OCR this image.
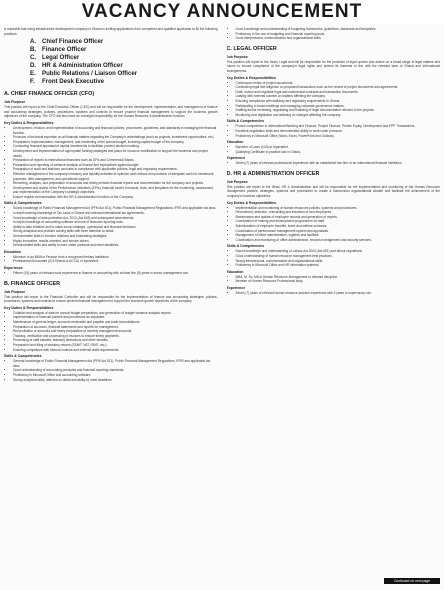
VACANCY ANNOUNCEMENT

A reputable fast rising infrastructure development company in Ghana is inviting applications from competent and qualified applicants to fill the following positions:

A. Chief Finance Officer
B. Finance Officer
C. Legal Officer
D. HR & Administration Officer
E. Public Relations / Liaison Officer
F. Front Desk Executive
A. CHIEF FINANCE OFFICER (CFO)
Job Purpose

This position will report to the Chief Executive Officer (CEO) and will be responsible for the development, implementation, and management of finance and accounting strategies, policies, procedures, systems and controls to ensure prudent financial management to support the business growth objectives of the company. The CFO will also have an oversight responsibility for the Human Resource & Administration function.

Key Duties & Responsibilities
• Development, revision, and implementation of accounting and financial policies, procedures, guidelines, and standards in managing the financial function.
• Provision of technical expertise on all financial matters regarding the Company's undertakings (such as projects, investment opportunities, etc.)
• Preparation, implementation, management, and monitoring of the annual budget, including capital budget of the company.
• Conducting financial appraisal of capital investments to facilitate prudent decision making.
• Development and implementation of appropriate funding strategies and plans for resource mobilization to support the business and project needs.
• Preparation of reports to international financiers such as DFIs and Commercial Banks.
• Preparation and reporting of variance analysis of finance and expenditure against budget.
• Preparation of audit and statutory accounts in compliance with applicable policies, legal and regulatory requirements.
• Effective management of the company's treasury and liquidity activities to optimize cash inflows and provision of adequate cash for investment purposes, debt management, and operational support.
• Recording, analysis, and preparation of accounts and timely periodic financial reports and documentation for the company and projects.
• Development and review of the Performance Indicators (KPIs), financial model, forecasts, tools, and templates for the monitoring, assessment, and implementation of the Company's strategic objectives.
• Ensure regular communication with the HR & Administration function of the Company.
Skills & Competencies
• Sound knowledge of Public Financial Management Act (PFM Act 921), Public Financial Management Regulations, IFRS and applicable tax laws.
• In depth working knowledge of Tax Laws of Ghana and relevant international tax agreements.
• Good knowledge of data protection Act, 2012 (Act 843) and subsequent amendments.
• In depth knowledge of accounting software and use of financial reporting tools.
• Ability to take initiative and to make sound strategic, operational and financial decisions.
• Strong analytical and problem solving skills with keen attention to detail.
• Demonstrable skills in investor relations and fundraising strategies.
• Highly innovative, results-oriented, and service driven.
• Demonstrated skills and ability to work under pressure and meet deadlines.
Education
• Minimum of an MBA in Finance from a recognized tertiary institution.
• Professional Accountant (ICA Ghana or ACCA) or equivalent.
Experience
• Fifteen (15) years of relevant work experience in finance or accounting with at least five (5) years in senior management role.
B. FINANCE OFFICER
Job Purpose

This position will report to the Financial Controller and will be responsible for the implementation of finance and accounting strategies, policies, procedures, systems and controls to ensure prudent financial management to support the business growth objectives of the company.

Key Duties & Responsibilities
• Collation and analysis of data for annual budget preparation, and generation of budget variance analysis reports.
• Implementation of financial policies and procedures as stipulated.
• Maintenance of general ledger, accounts receivable and payable and bank reconciliations.
• Preparation of accounts, financial statements and reports for management.
• Reconciliation of accounts and timely preparation of monthly management accounts.
• Tracking, verification and processing of invoices to ensure timely payments.
• Processing of staff salaries, statutory deductions and other benefits.
• Preparation and filing of statutory returns (SSNIT, VAT, PAYE, etc.).
• Ensuring compliance with internal controls and external audit requirements.
Skills & Competencies
• General knowledge of Public Financial Management Act (PFM Act 921), Public Financial Management Regulations, IFRS and applicable tax laws.
• Good understanding of accounting principles and financial reporting standards.
• Proficiency in Microsoft Office and accounting software.
• Strong analytical skills, attention to detail and ability to meet deadlines.
• Good knowledge and understanding of budgeting frameworks, guidelines, standards and templates.
• Proficiency in the use of budgeting and financial reporting tools.
• Good interpersonal, communication and organizational skills.
C. LEGAL OFFICER
Job Purpose

This position will report to the Head, Legal and will be responsible for the provision of legal opinion and advice on a broad range of legal matters and issues to ensure compliance of the company's legal rights and protect its interests in line with the relevant laws of Ghana and international arrangements.

Key Duties & Responsibilities
• Continuous review of project documents.
• Conducting legal due diligence on proposed transactions such as the review of project documents and agreements.
• Draft, review and negotiate legal and commercial contracts and transaction documents.
• Liaising with external counsel on matters affecting the company.
• Ensuring compliance with statutory and regulatory requirements in Ghana.
• Participating in board meetings and managing corporate governance matters.
• Drafting and/or reviewing, negotiating and finalizing of legal documentation relevant to the projects.
• Monitoring new legislation and advising on changes affecting the company.
Skills & Competencies
• Proven competence in international Banking and Finance, Project Finance, Private Equity, Development and PPP Transactions.
• Excellent negotiation skills and demonstrated ability to work under pressure.
• Proficiency in Microsoft Office (Word, Excel, PowerPoint and Outlook).
Education
• Bachelor of Laws (LLB) or equivalent.
• Qualifying Certificate to practice law in Ghana.
Experience
• Seven (7) years of relevant professional experience with an established law firm or an international financial institution.
D. HR & ADMINISTRATION OFFICER
Job Purpose

This position will report to the Head, HR & Administration and will be responsible for the implementation and monitoring of the Human Resource Management policies, strategies, systems and procedures to create a harmonious organizational climate and facilitate the achievement of the company's business objectives.

Key Duties & Responsibilities
• Implementation and monitoring of human resources policies, systems and procedures.
• Recruitment, selection, onboarding and induction of new employees.
• Maintenance and update of employee records and generation of reports.
• Coordination of training and development programmes for staff.
• Administration of employee benefits, leave and welfare schemes.
• Coordination of performance management system and appraisals.
• Management of office administration, logistics and facilities.
• Coordination and monitoring of office administration, records management and security services.
Skills & Competencies
• Sound knowledge and understanding of Labour Act 2003 (Act 651) and labour regulations.
• Good understanding of human resource management best practices.
• Strong interpersonal, communication and organizational skills.
• Proficiency in Microsoft Office and HR information systems.
Education
• MBA, M. Sc, MA in Human Resource Management or relevant discipline.
• Member of Human Resource Professional body.
Experience
• Seven (7) years of relevant human resource practice experience with 3 years in supervisory role.
Continued on next page
